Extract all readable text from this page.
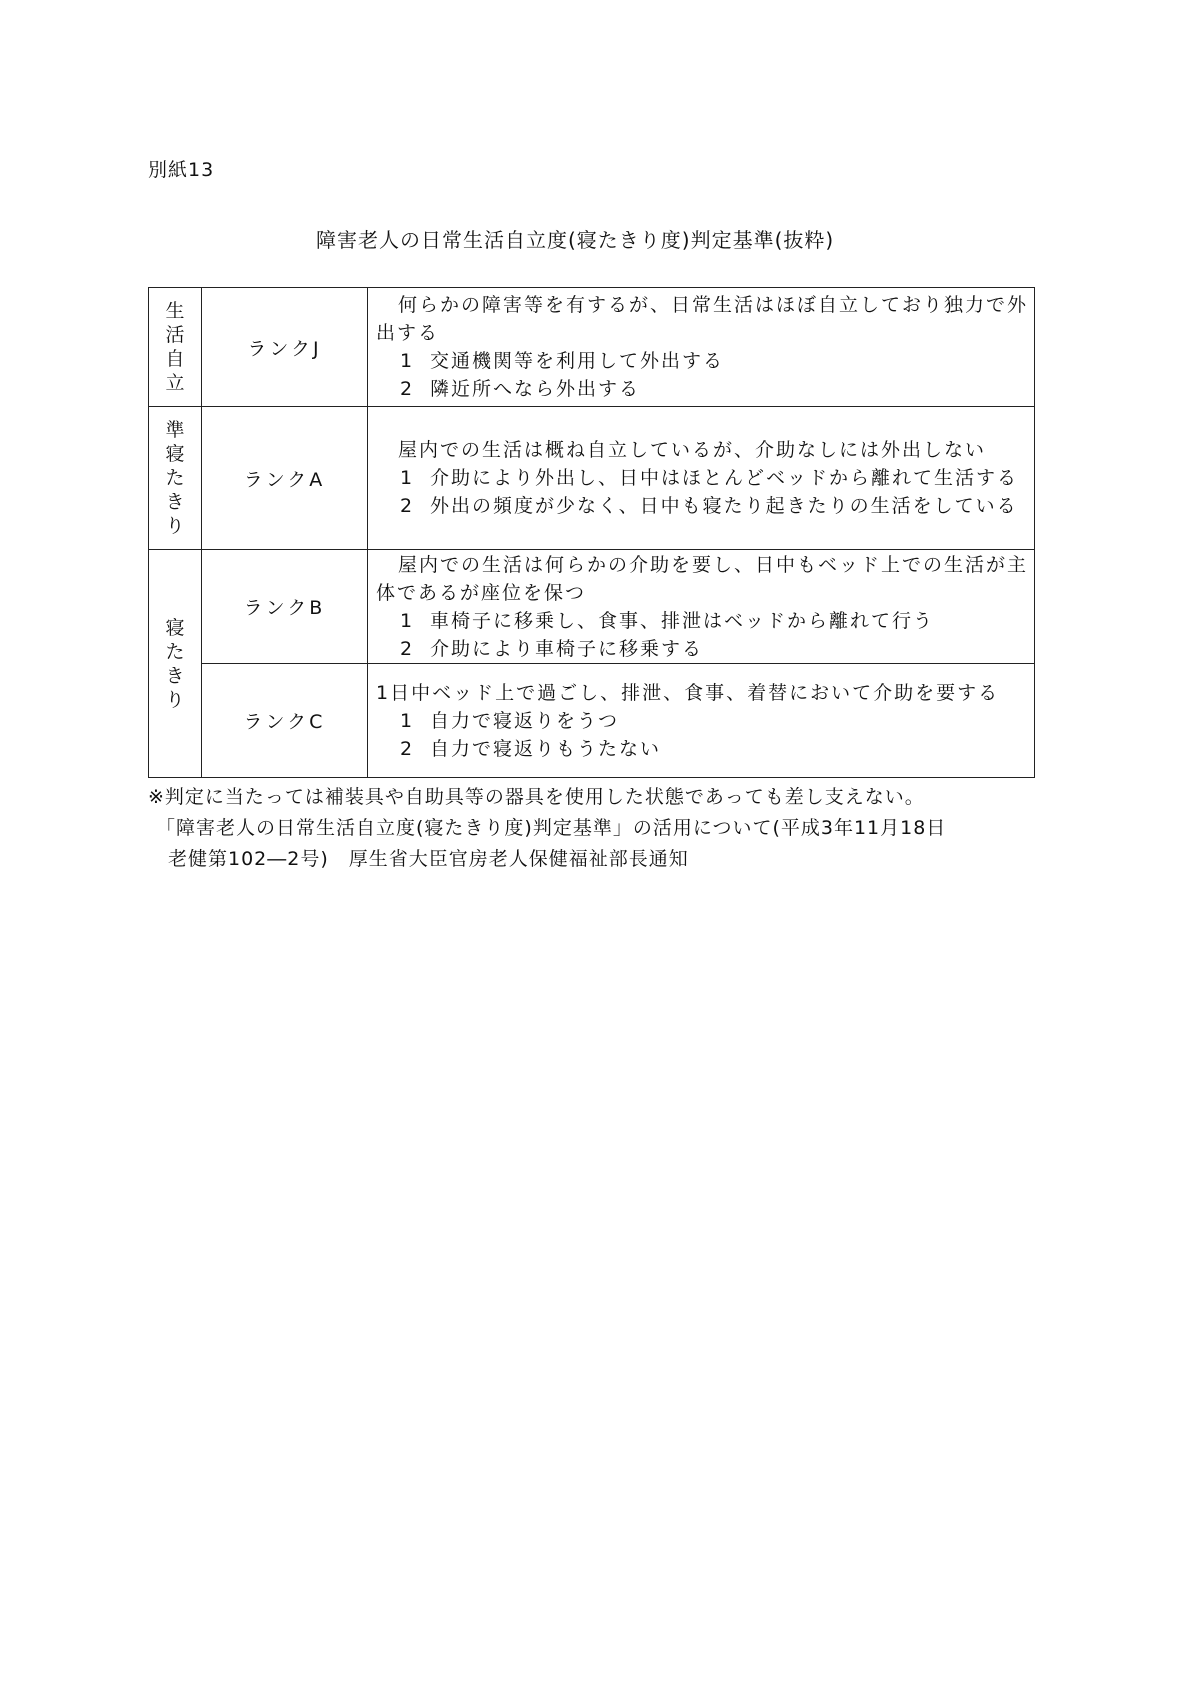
別紙13
障害老人の日常生活自立度(寝たきり度)判定基準(抜粋)
生活自立	ランクJ	何らかの障害等を有するが、日常生活はほぼ自立しており独力で外出する
1 交通機関等を利用して外出する
2 隣近所へなら外出する

準寝たきり	ランクA	屋内での生活は概ね自立しているが、介助なしには外出しない
1 介助により外出し、日中はほとんどベッドから離れて生活する
2 外出の頻度が少なく、日中も寝たり起きたりの生活をしている

寝たきり	ランクB	屋内での生活は何らかの介助を要し、日中もベッド上での生活が主体であるが座位を保つ
1 車椅子に移乗し、食事、排泄はベッドから離れて行う
2 介助により車椅子に移乗する

	ランクC	1日中ベッド上で過ごし、排泄、食事、着替において介助を要する
1 自力で寝返りをうつ
2 自力で寝返りもうたない
※判定に当たっては補装具や自助具等の器具を使用した状態であっても差し支えない。
「障害老人の日常生活自立度(寝たきり度)判定基準」の活用について(平成3年11月18日
老健第102―2号)　厚生省大臣官房老人保健福祉部長通知
